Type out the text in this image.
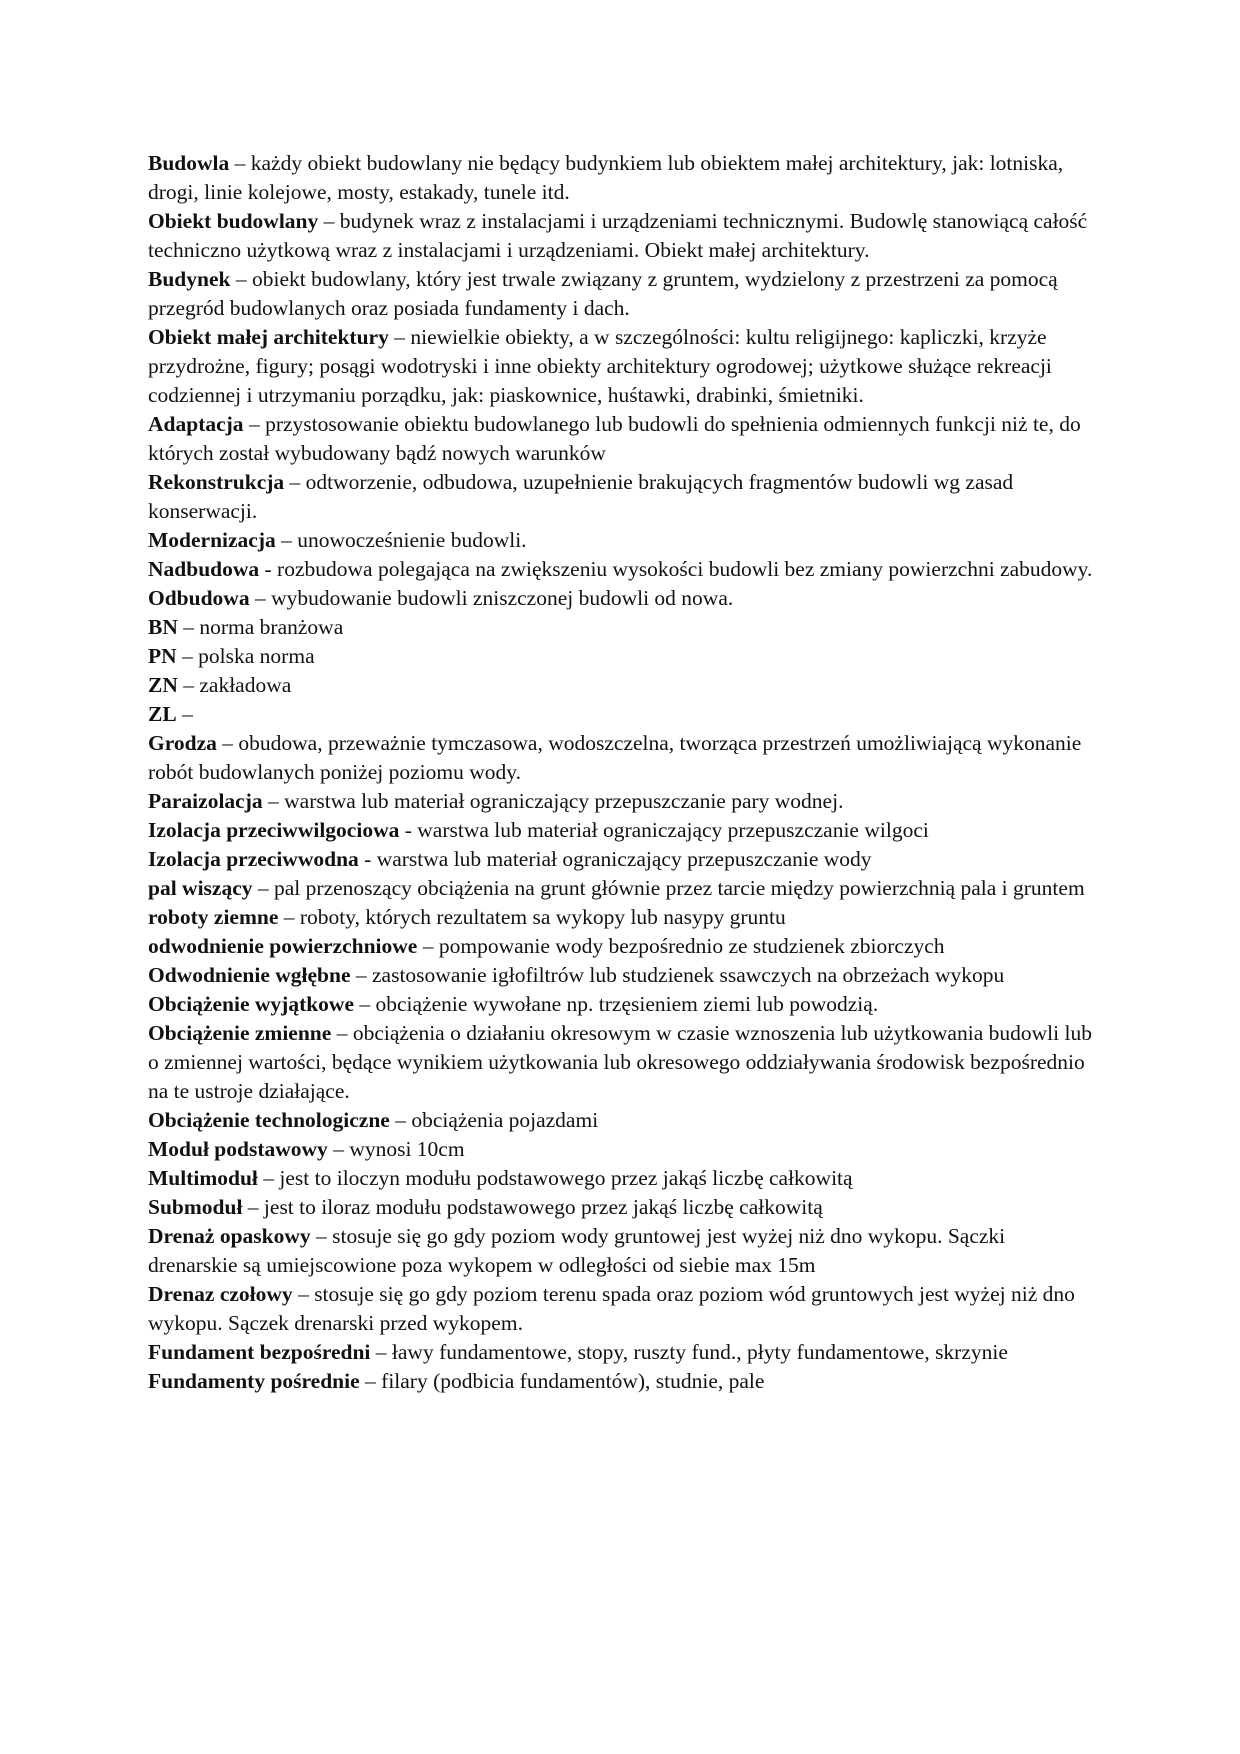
Budowla – każdy obiekt budowlany nie będący budynkiem lub obiektem małej architektury, jak: lotniska, drogi, linie kolejowe, mosty, estakady, tunele itd.

Obiekt budowlany – budynek wraz z instalacjami i urządzeniami technicznymi. Budowlę stanowiącą całość techniczno użytkową wraz z instalacjami i urządzeniami. Obiekt małej architektury.

Budynek – obiekt budowlany, który jest trwale związany z gruntem, wydzielony z przestrzeni za pomocą przegród budowlanych oraz posiada fundamenty i dach.

Obiekt małej architektury – niewielkie obiekty, a w szczególności: kultu religijnego: kapliczki, krzyże przydrożne, figury; posągi wodotryski i inne obiekty architektury ogrodowej; użytkowe służące rekreacji codziennej i utrzymaniu porządku, jak: piaskownice, huśtawki, drabinki, śmietniki.

Adaptacja – przystosowanie obiektu budowlanego lub budowli do spełnienia odmiennych funkcji niż te, do których został wybudowany bądź nowych warunków

Rekonstrukcja – odtworzenie, odbudowa, uzupełnienie brakujących fragmentów budowli wg zasad konserwacji.

Modernizacja – unowocześnienie budowli.

Nadbudowa - rozbudowa polegająca na zwiększeniu wysokości budowli bez zmiany powierzchni zabudowy.

Odbudowa – wybudowanie budowli zniszczonej budowli od nowa.

BN – norma branżowa

PN – polska norma

ZN – zakładowa

ZL –

Grodza – obudowa, przeważnie tymczasowa, wodoszczelna, tworząca przestrzeń umożliwiającą wykonanie robót budowlanych poniżej poziomu wody.

Paraizolacja – warstwa lub materiał ograniczający przepuszczanie pary wodnej.

Izolacja przeciwwilgociowa - warstwa lub materiał ograniczający przepuszczanie wilgoci

Izolacja przeciwwodna - warstwa lub materiał ograniczający przepuszczanie wody

pal wiszący – pal przenoszący obciążenia na grunt głównie przez tarcie między powierzchnią pala i gruntem

roboty ziemne – roboty, których rezultatem sa wykopy lub nasypy gruntu

odwodnienie powierzchniowe – pompowanie wody bezpośrednio ze studzienek zbiorczych

Odwodnienie wgłębne – zastosowanie igłofiltrów lub studzienek ssawczych na obrzeżach wykopu

Obciążenie wyjątkowe – obciążenie wywołane np. trzęsieniem ziemi lub powodzią.

Obciążenie zmienne – obciążenia o działaniu okresowym w czasie wznoszenia lub użytkowania budowli lub o zmiennej wartości, będące wynikiem użytkowania lub okresowego oddziaływania środowisk bezpośrednio na te ustroje działające.

Obciążenie technologiczne – obciążenia pojazdami

Moduł podstawowy – wynosi 10cm

Multimoduł – jest to iloczyn modułu podstawowego przez jakąś liczbę całkowitą

Submoduł – jest to iloraz modułu podstawowego przez jakąś liczbę całkowitą

Drenaż opaskowy – stosuje się go gdy poziom wody gruntowej jest wyżej niż dno wykopu. Sączki drenarskie są umiejscowione poza wykopem w odległości od siebie max 15m

Drenaz czołowy – stosuje się go gdy poziom terenu spada oraz poziom wód gruntowych jest wyżej niż dno wykopu. Sączek drenarski przed wykopem.

Fundament bezpośredni – ławy fundamentowe, stopy, ruszty fund., płyty fundamentowe, skrzynie

Fundamenty pośrednie – filary (podbicia fundamentów), studnie, pale
